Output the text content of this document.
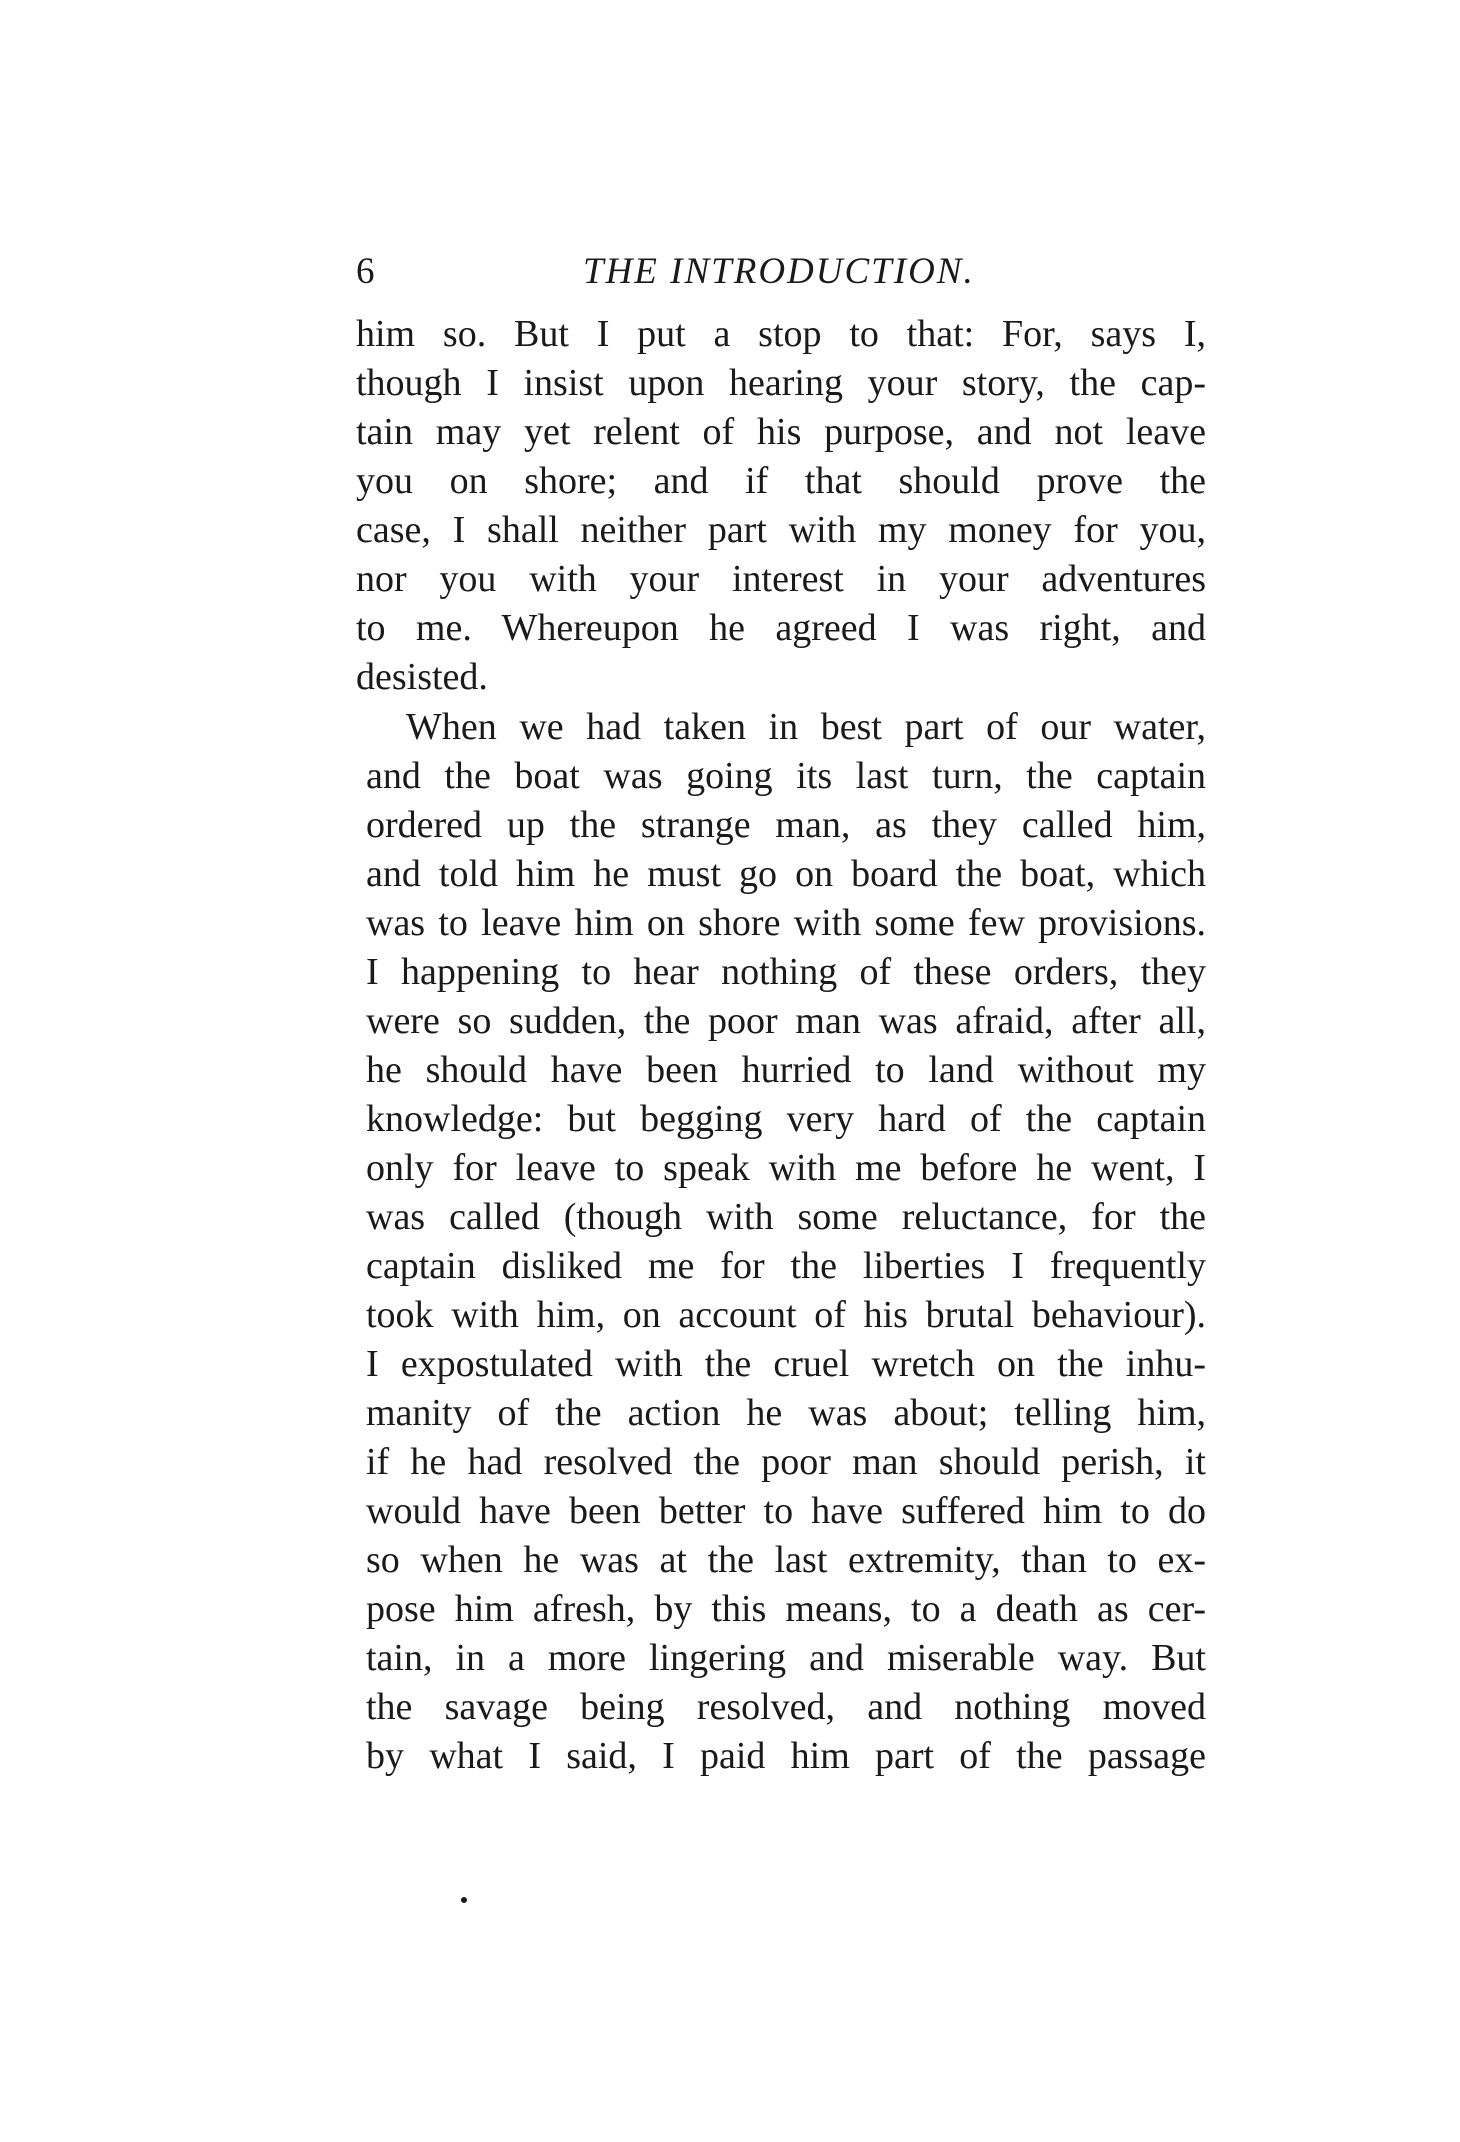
6	THE INTRODUCTION.
him so. But I put a stop to that: For, says I,
though I insist upon hearing your story, the cap-
tain may yet relent of his purpose, and not leave
you on shore; and if that should prove the
case, I shall neither part with my money for you,
nor you with your interest in your adventures
to me. Whereupon he agreed I was right, and
desisted.
When we had taken in best part of our water,
and the boat was going its last turn, the captain
ordered up the strange man, as they called him,
and told him he must go on board the boat, which
was to leave him on shore with some few provisions.
I happening to hear nothing of these orders, they
were so sudden, the poor man was afraid, after all,
he should have been hurried to land without my
knowledge: but begging very hard of the captain
only for leave to speak with me before he went, I
was called (though with some reluctance, for the
captain disliked me for the liberties I frequently
took with him, on account of his brutal behaviour).
I expostulated with the cruel wretch on the inhu-
manity of the action he was about; telling him,
if he had resolved the poor man should perish, it
would have been better to have suffered him to do
so when he was at the last extremity, than to ex-
pose him afresh, by this means, to a death as cer-
tain, in a more lingering and miserable way. But
the savage being resolved, and nothing moved
by what I said, I paid him part of the passage
